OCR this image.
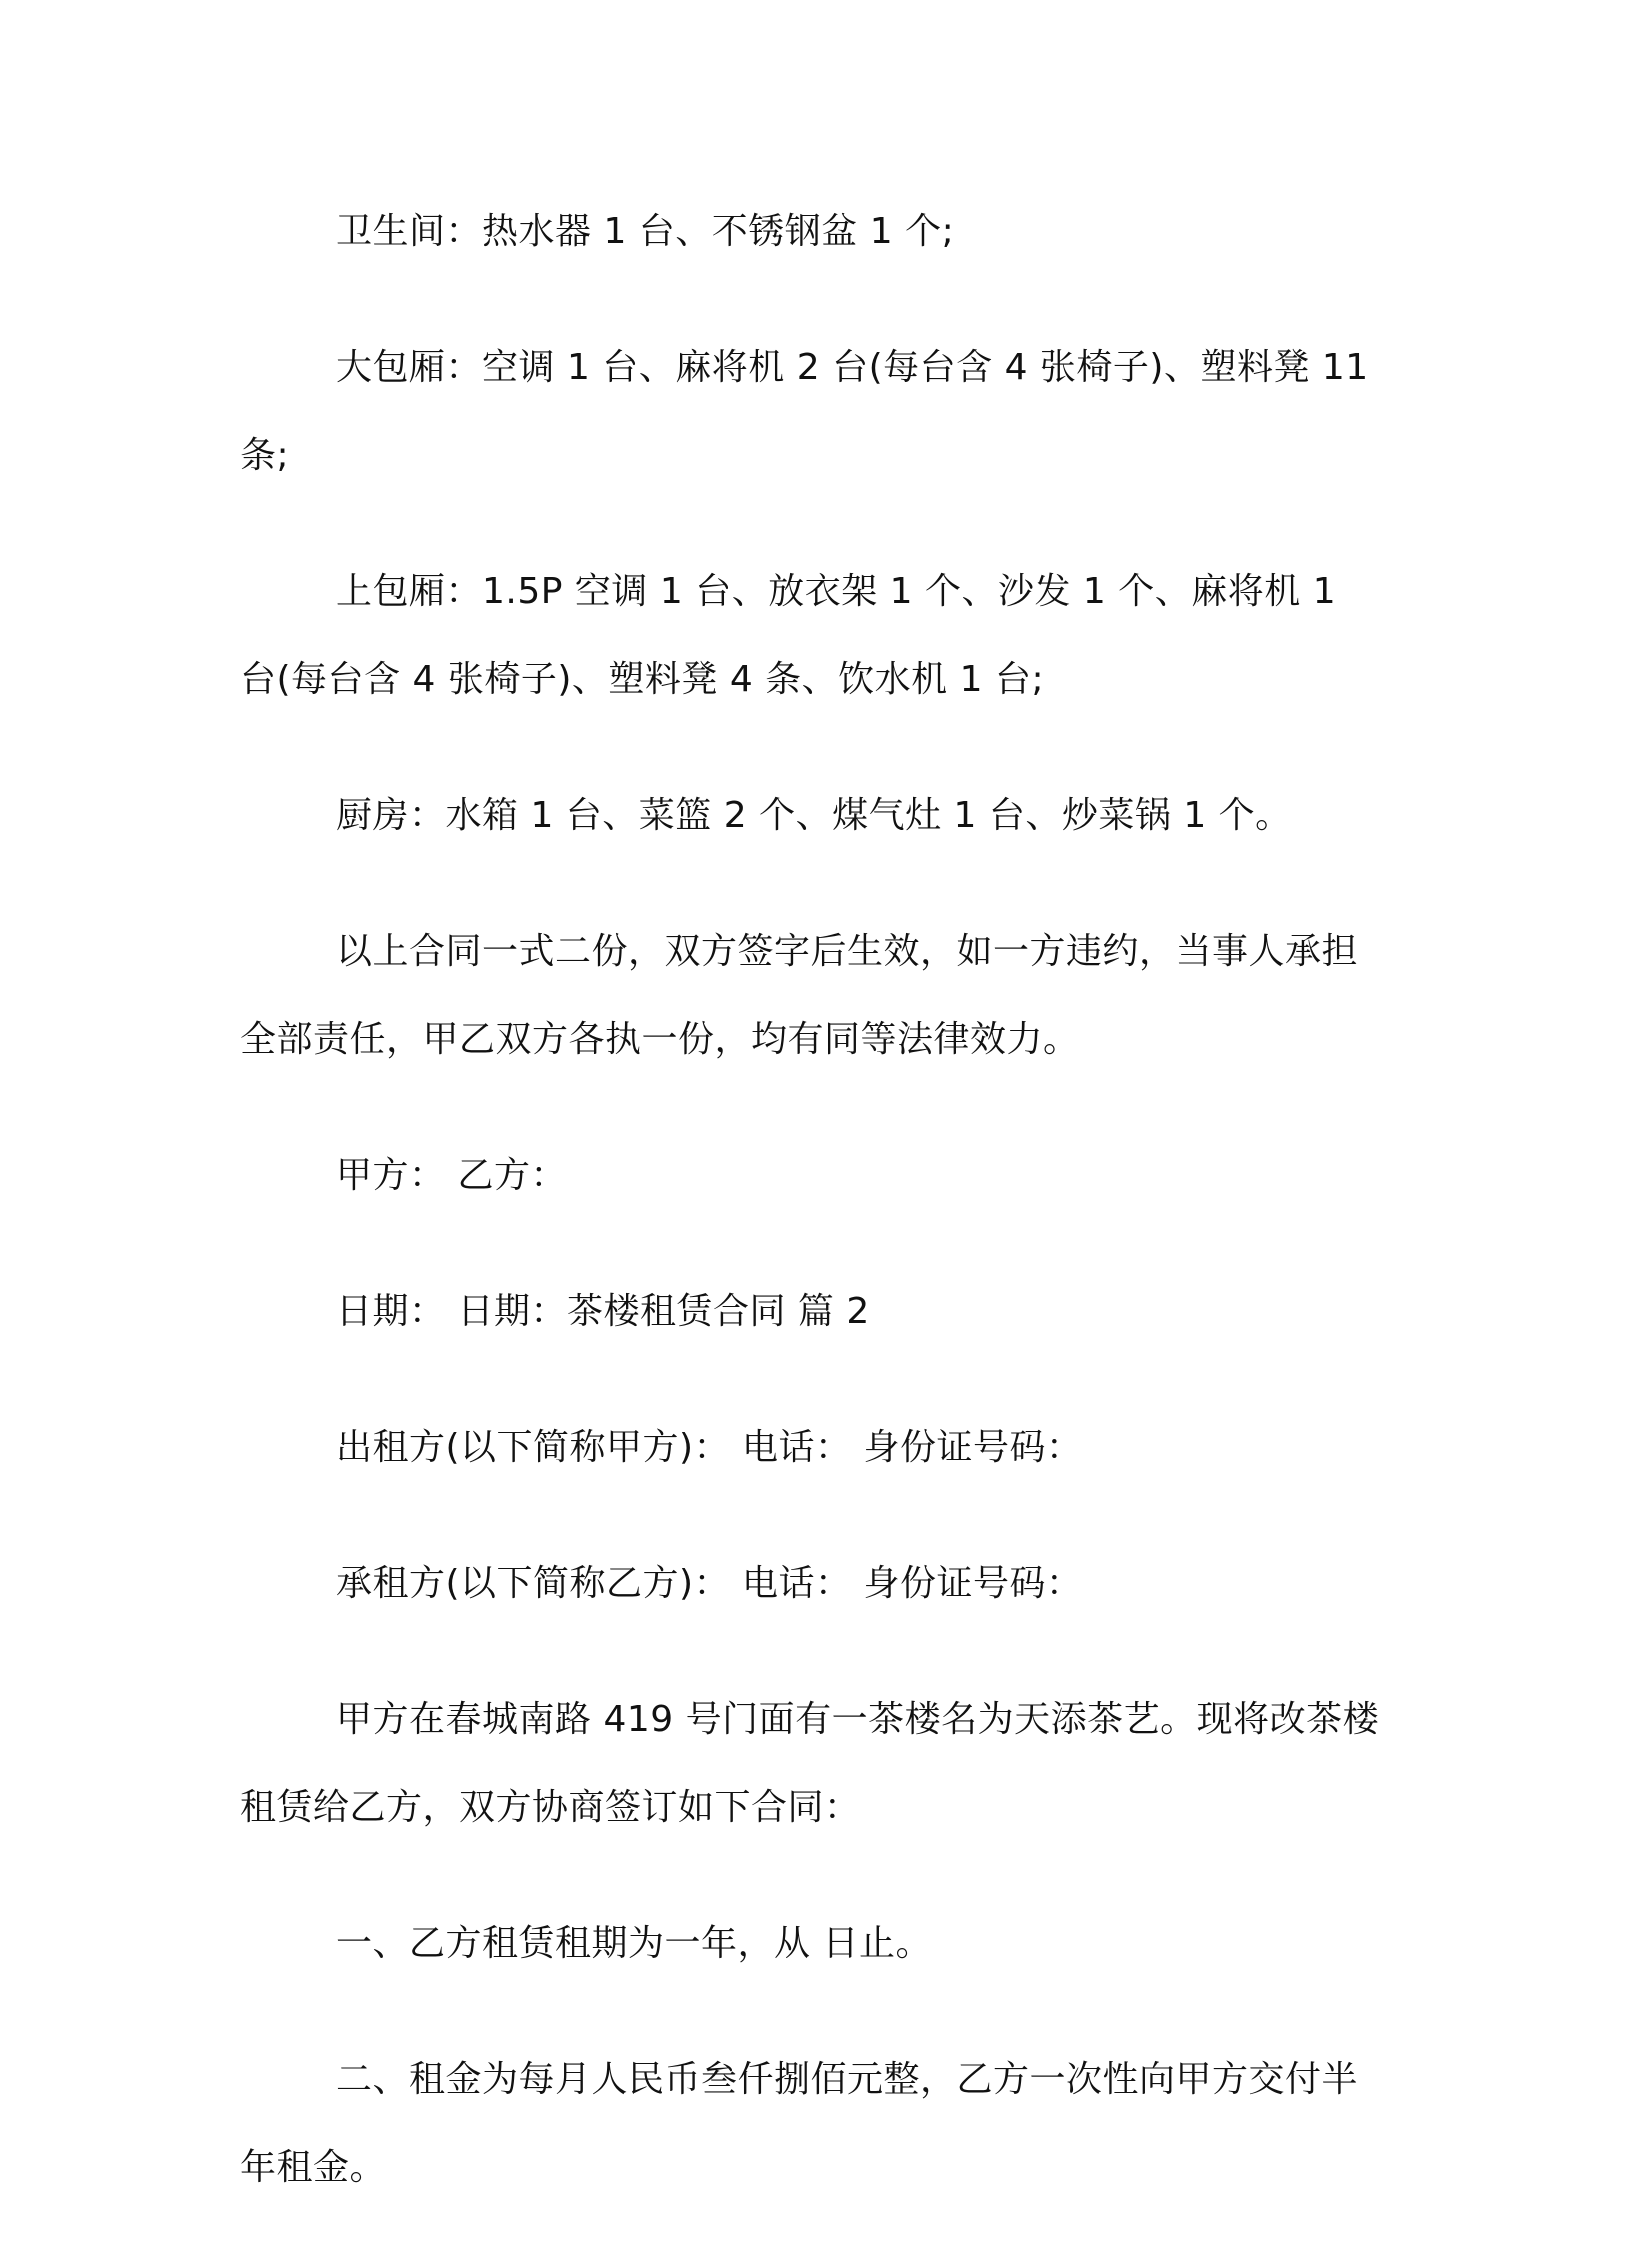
卫生间：热水器 1 台、不锈钢盆 1 个;

大包厢：空调 1 台、麻将机 2 台(每台含 4 张椅子)、塑料凳 11 条;

上包厢：1.5P 空调 1 台、放衣架 1 个、沙发 1 个、麻将机 1 台(每台含 4 张椅子)、塑料凳 4 条、饮水机 1 台;

厨房：水箱 1 台、菜篮 2 个、煤气灶 1 台、炒菜锅 1 个。

以上合同一式二份，双方签字后生效，如一方违约，当事人承担全部责任，甲乙双方各执一份，均有同等法律效力。

甲方： 乙方：

日期： 日期：茶楼租赁合同 篇 2

出租方(以下简称甲方)： 电话： 身份证号码：

承租方(以下简称乙方)： 电话： 身份证号码：

甲方在春城南路 419 号门面有一茶楼名为天添茶艺。现将改茶楼租赁给乙方，双方协商签订如下合同：

一、乙方租赁租期为一年，从 日止。

二、租金为每月人民币叁仟捌佰元整，乙方一次性向甲方交付半年租金。
